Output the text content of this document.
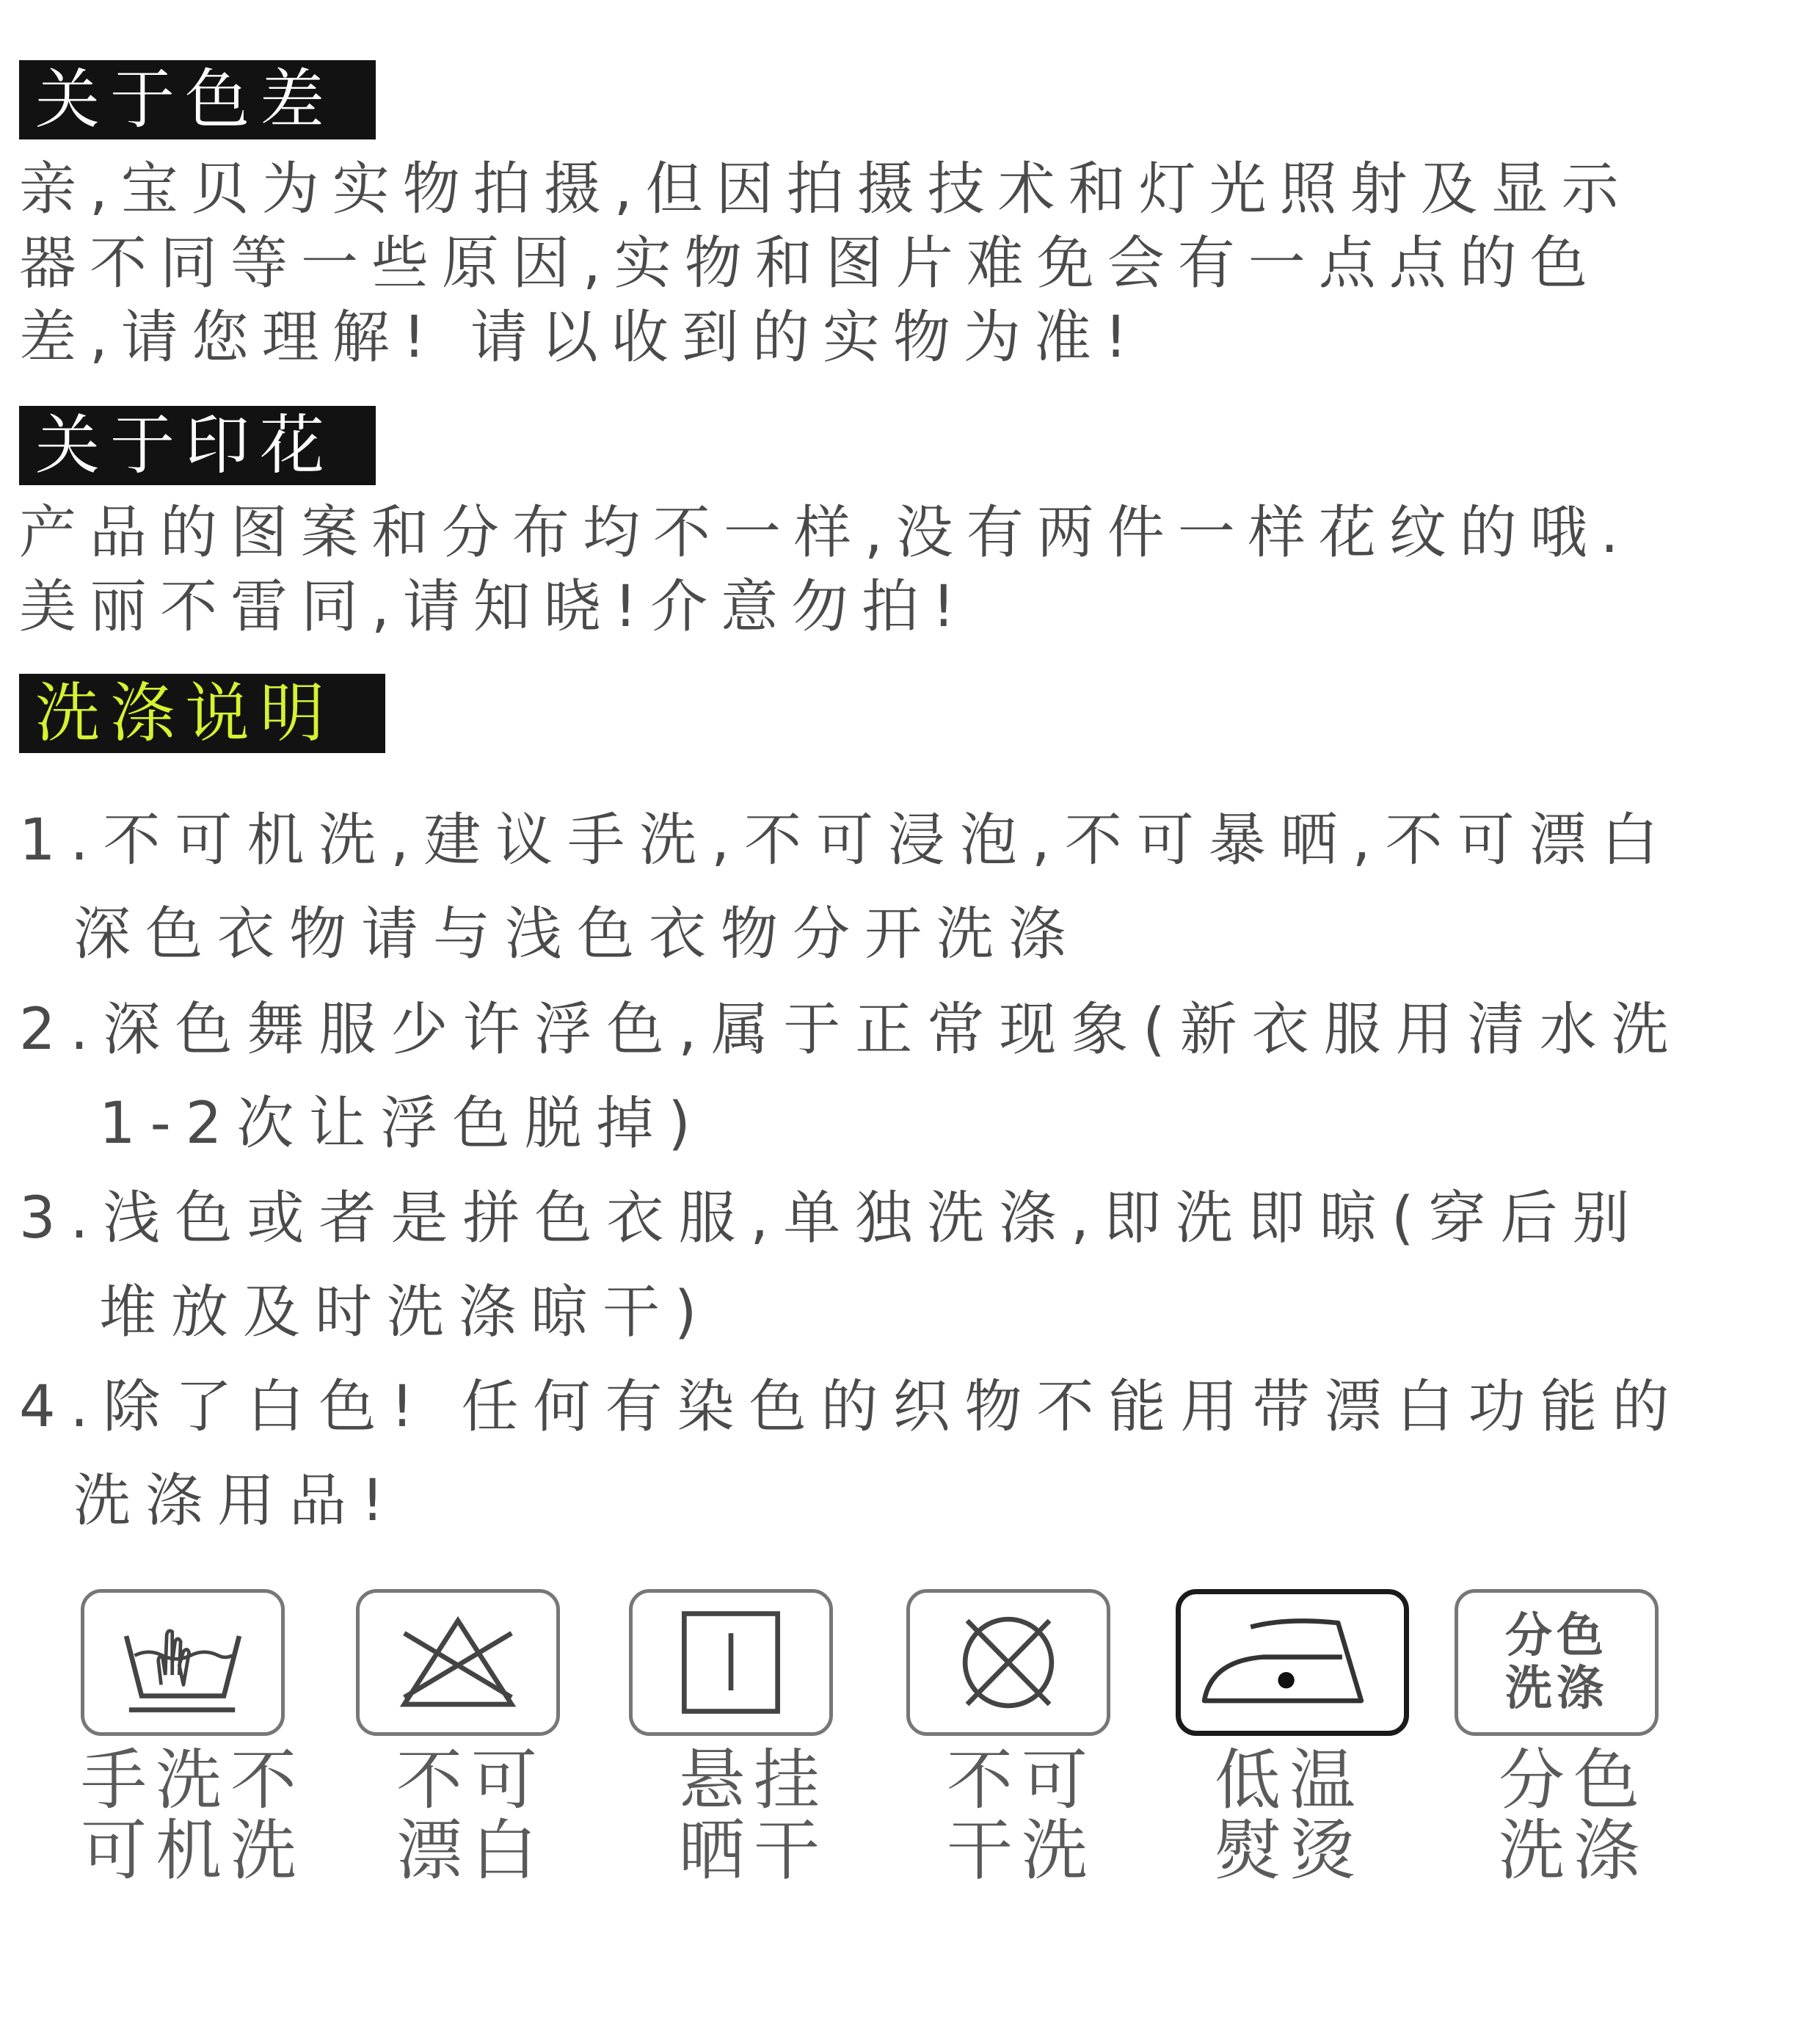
关于色差

亲,宝贝为实物拍摄,但因拍摄技术和灯光照射及显示

器不同等一些原因,实物和图片难免会有一点点的色

差,请您理解! 请以收到的实物为准!

关于印花

产品的图案和分布均不一样,没有两件一样花纹的哦.

美丽不雷同,请知晓!介意勿拍!

洗涤说明

1.不可机洗,建议手洗,不可浸泡,不可暴晒,不可漂白

深色衣物请与浅色衣物分开洗涤

2.深色舞服少许浮色,属于正常现象(新衣服用清水洗

1-2次让浮色脱掉)

3.浅色或者是拼色衣服,单独洗涤,即洗即晾(穿后别

堆放及时洗涤晾干)

4.除了白色! 任何有染色的织物不能用带漂白功能的

洗涤用品!

分色
洗涤
手洗不
可机洗
不可
漂白
悬挂
晒干
不可
干洗
低温
熨烫
分色
洗涤
